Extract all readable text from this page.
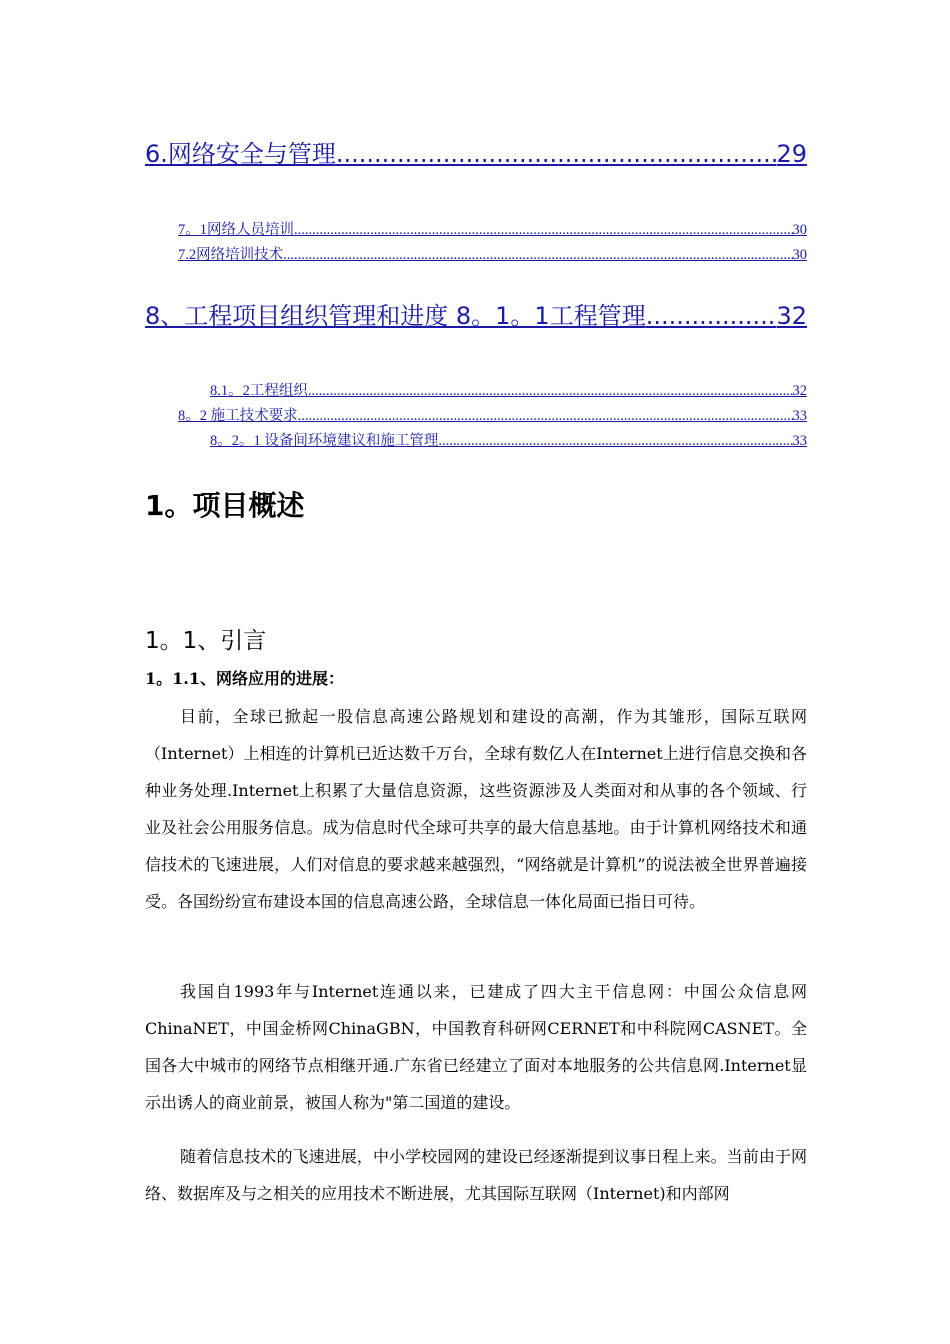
6.网络安全与管理 .....	29
7。1网络人员培训 .....	30
7.2网络培训技术 .....	30
8、工程项目组织管理和进度 8。1。1工程管理 .....	32
8.1。2工程组织 .....	32
8。2 施工技术要求 .....	33
8。2。1 设备间环境建议和施工管理 .....	33
1。项目概述
1。1、引言
1。1.1、网络应用的进展：

目前，全球已掀起一股信息高速公路规划和建设的高潮，作为其雏形，国际互联网（Internet）上相连的计算机已近达数千万台，全球有数亿人在Internet上进行信息交换和各种业务处理.Internet上积累了大量信息资源，这些资源涉及人类面对和从事的各个领域、行业及社会公用服务信息。成为信息时代全球可共享的最大信息基地。由于计算机网络技术和通信技术的飞速进展，人们对信息的要求越来越强烈，“网络就是计算机”的说法被全世界普遍接受。各国纷纷宣布建设本国的信息高速公路，全球信息一体化局面已指日可待。

我国自1993年与Internet连通以来，已建成了四大主干信息网：中国公众信息网ChinaNET，中国金桥网ChinaGBN，中国教育科研网CERNET和中科院网CASNET。全国各大中城市的网络节点相继开通.广东省已经建立了面对本地服务的公共信息网.Internet显示出诱人的商业前景，被国人称为"第二国道的建设。

随着信息技术的飞速进展，中小学校园网的建设已经逐渐提到议事日程上来。当前由于网络、数据库及与之相关的应用技术不断进展，尤其国际互联网（Internet)和内部网
